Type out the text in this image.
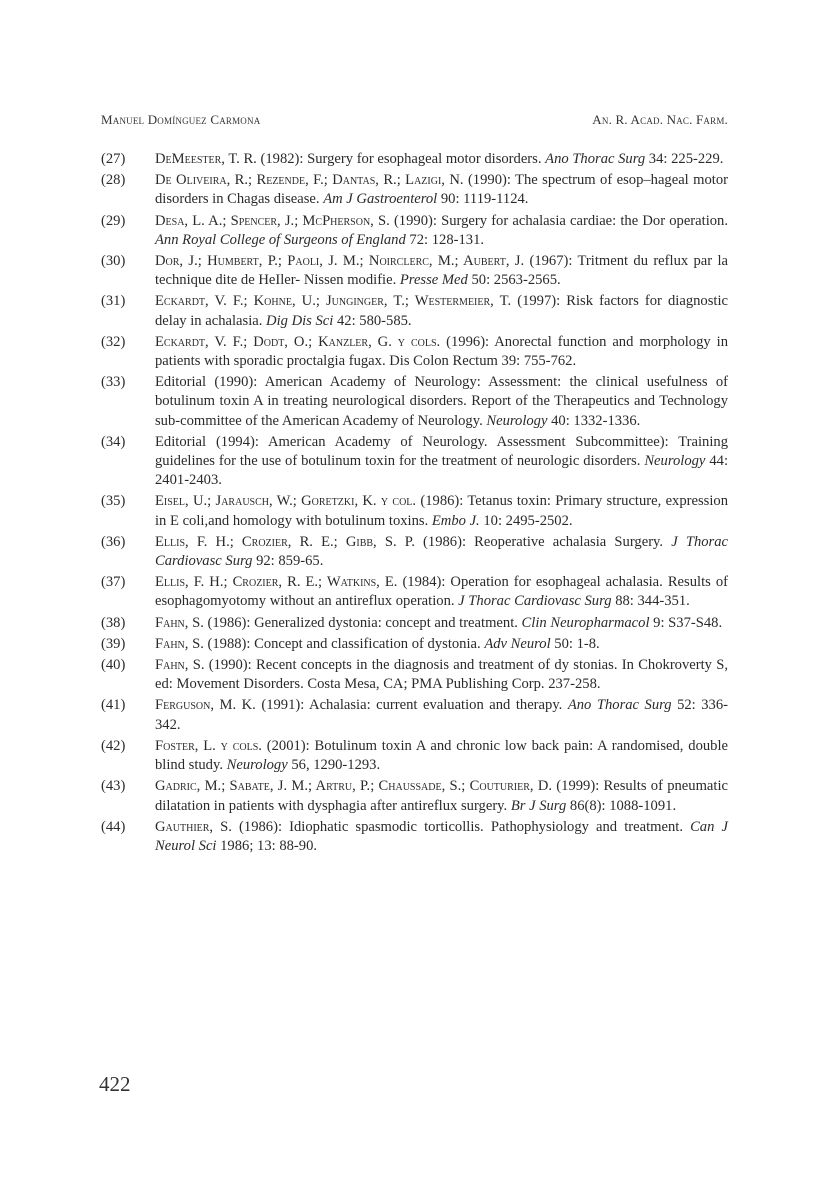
Manuel Domínguez Carmona	An. R. Acad. Nac. Farm.
(27)	DeMeester, T. R. (1982): Surgery for esophageal motor disorders. Ano Thorac Surg 34: 225-229.
(28)	De Oliveira, R.; Rezende, F.; Dantas, R.; Lazigi, N. (1990): The spectrum of esop–hageal motor disorders in Chagas disease. Am J Gastroenterol 90: 1119-1124.
(29)	Desa, L. A.; Spencer, J.; McPherson, S. (1990): Surgery for achalasia cardiae: the Dor operation. Ann Royal College of Surgeons of England 72: 128-131.
(30)	Dor, J.; Humbert, P.; Paoli, J. M.; Noirclerc, M.; Aubert, J. (1967): Tritment du reflux par la technique dite de HeIler- Nissen modifie. Presse Med 50: 2563-2565.
(31)	Eckardt, V. F.; Kohne, U.; Junginger, T.; Westermeier, T. (1997): Risk factors for diagnostic delay in achalasia. Dig Dis Sci 42: 580-585.
(32)	Eckardt, V. F.; Dodt, O.; Kanzler, G. y cols. (1996): Anorectal function and morphology in patients with sporadic proctalgia fugax. Dis Colon Rectum 39: 755-762.
(33)	Editorial (1990): American Academy of Neurology: Assessment: the clinical usefulness of botulinum toxin A in treating neurological disorders. Report of the Therapeutics and Technology sub-committee of the American Academy of Neurology. Neurology 40: 1332-1336.
(34)	Editorial (1994): American Academy of Neurology. Assessment Subcommittee): Training guidelines for the use of botulinum toxin for the treatment of neurologic disorders. Neurology 44: 2401-2403.
(35)	Eisel, U.; Jarausch, W.; Goretzki, K. y col. (1986): Tetanus toxin: Primary structure, expression in E coli,and homology with botulinum toxins. Embo J. 10: 2495-2502.
(36)	Ellis, F. H.; Crozier, R. E.; Gibb, S. P. (1986): Reoperative achalasia Surgery. J Thorac Cardiovasc Surg 92: 859-65.
(37)	Ellis, F. H.; Crozier, R. E.; Watkins, E. (1984): Operation for esophageal achalasia. Results of esophagomyotomy without an antireflux operation. J Thorac Cardiovasc Surg 88: 344-351.
(38)	Fahn, S. (1986): Generalized dystonia: concept and treatment. Clin Neuropharmacol 9: S37-S48.
(39)	Fahn, S. (1988): Concept and classification of dystonia. Adv Neurol 50: 1-8.
(40)	Fahn, S. (1990): Recent concepts in the diagnosis and treatment of dy stonias. In Chokroverty S, ed: Movement Disorders. Costa Mesa, CA; PMA Publishing Corp. 237-258.
(41)	Ferguson, M. K. (1991): Achalasia: current evaluation and therapy. Ano Thorac Surg 52: 336-342.
(42)	Foster, L. y cols. (2001): Botulinum toxin A and chronic low back pain: A randomised, double blind study. Neurology 56, 1290-1293.
(43)	Gadric, M.; Sabate, J. M.; Artru, P.; Chaussade, S.; Couturier, D. (1999): Results of pneumatic dilatation in patients with dysphagia after antireflux surgery. Br J Surg 86(8): 1088-1091.
(44)	Gauthier, S. (1986): Idiophatic spasmodic torticollis. Pathophysiology and treatment. Can J Neurol Sci 1986; 13: 88-90.
422
